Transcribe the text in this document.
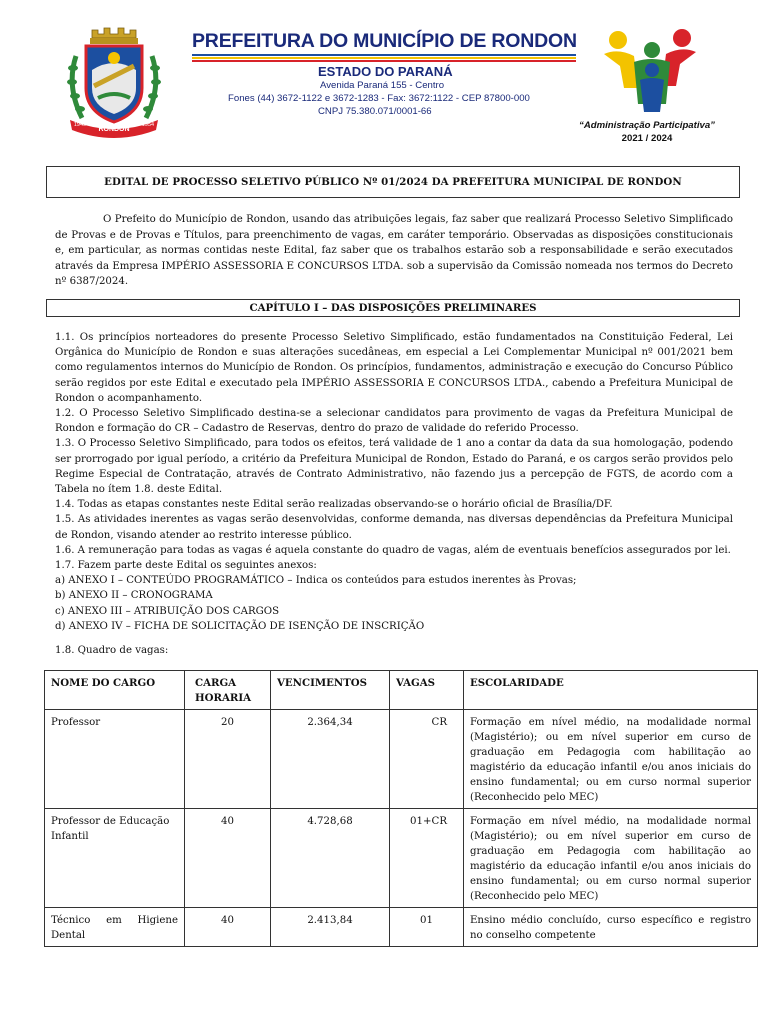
RONDON
1949	1954
PREFEITURA DO MUNICÍPIO DE RONDON
ESTADO DO PARANÁ
Avenida Paraná 155 - Centro
Fones (44) 3672-1122 e 3672-1283 - Fax: 3672:1122 - CEP 87800-000
CNPJ 75.380.071/0001-66
“Administração Participativa”
2021 / 2024
EDITAL DE PROCESSO SELETIVO PÚBLICO Nº 01/2024 DA PREFEITURA MUNICIPAL DE RONDON
O Prefeito do Município de Rondon, usando das atribuições legais, faz saber que realizará Processo Seletivo Simplificado de Provas e de Provas e Títulos, para preenchimento de vagas, em caráter temporário. Observadas as disposições constitucionais e, em particular, as normas contidas neste Edital, faz saber que os trabalhos estarão sob a responsabilidade e serão executados através da Empresa IMPÉRIO ASSESSORIA E CONCURSOS LTDA. sob a supervisão da Comissão nomeada nos termos do Decreto nº 6387/2024.
CAPÍTULO I – DAS DISPOSIÇÕES PRELIMINARES

1.1. Os princípios norteadores do presente Processo Seletivo Simplificado, estão fundamentados na Constituição Federal, Lei Orgânica do Município de Rondon e suas alterações sucedâneas, em especial a Lei Complementar Municipal nº 001/2021 bem como regulamentos internos do Município de Rondon. Os princípios, fundamentos, administração e execução do Concurso Público serão regidos por este Edital e executado pela IMPÉRIO ASSESSORIA E CONCURSOS LTDA., cabendo a Prefeitura Municipal de Rondon o acompanhamento.

1.2. O Processo Seletivo Simplificado destina-se a selecionar candidatos para provimento de vagas da Prefeitura Municipal de Rondon e formação do CR – Cadastro de Reservas, dentro do prazo de validade do referido Processo.

1.3. O Processo Seletivo Simplificado, para todos os efeitos, terá validade de 1 ano a contar da data da sua homologação, podendo ser prorrogado por igual período, a critério da Prefeitura Municipal de Rondon, Estado do Paraná, e os cargos serão providos pelo Regime Especial de Contratação, através de Contrato Administrativo, não fazendo jus a percepção de FGTS, de acordo com a Tabela no ítem 1.8. deste Edital.

1.4. Todas as etapas constantes neste Edital serão realizadas observando-se o horário oficial de Brasília/DF.

1.5. As atividades inerentes as vagas serão desenvolvidas, conforme demanda, nas diversas dependências da Prefeitura Municipal de Rondon, visando atender ao restrito interesse público.

1.6. A remuneração para todas as vagas é aquela constante do quadro de vagas, além de eventuais benefícios assegurados por lei.

1.7. Fazem parte deste Edital os seguintes anexos:

a) ANEXO I – CONTEÚDO PROGRAMÁTICO – Indica os conteúdos para estudos inerentes às Provas;

b) ANEXO II – CRONOGRAMA

c) ANEXO III – ATRIBUIÇÃO DOS CARGOS

d) ANEXO IV – FICHA DE SOLICITAÇÃO DE ISENÇÃO DE INSCRIÇÃO

1.8. Quadro de vagas:
NOME DO CARGO	CARGA HORARIA	VENCIMENTOS	VAGAS	ESCOLARIDADE
Professor	20	2.364,34	CR	Formação em nível médio, na modalidade normal (Magistério); ou em nível superior em curso de graduação em Pedagogia com habilitação ao magistério da educação infantil e/ou anos iniciais do ensino fundamental; ou em curso normal superior (Reconhecido pelo MEC)
Professor de Educação Infantil	40	4.728,68	01+CR	Formação em nível médio, na modalidade normal (Magistério); ou em nível superior em curso de graduação em Pedagogia com habilitação ao magistério da educação infantil e/ou anos iniciais do ensino fundamental; ou em curso normal superior (Reconhecido pelo MEC)
Técnico em Higiene Dental	40	2.413,84	01	Ensino médio concluído, curso específico e registro no conselho competente
